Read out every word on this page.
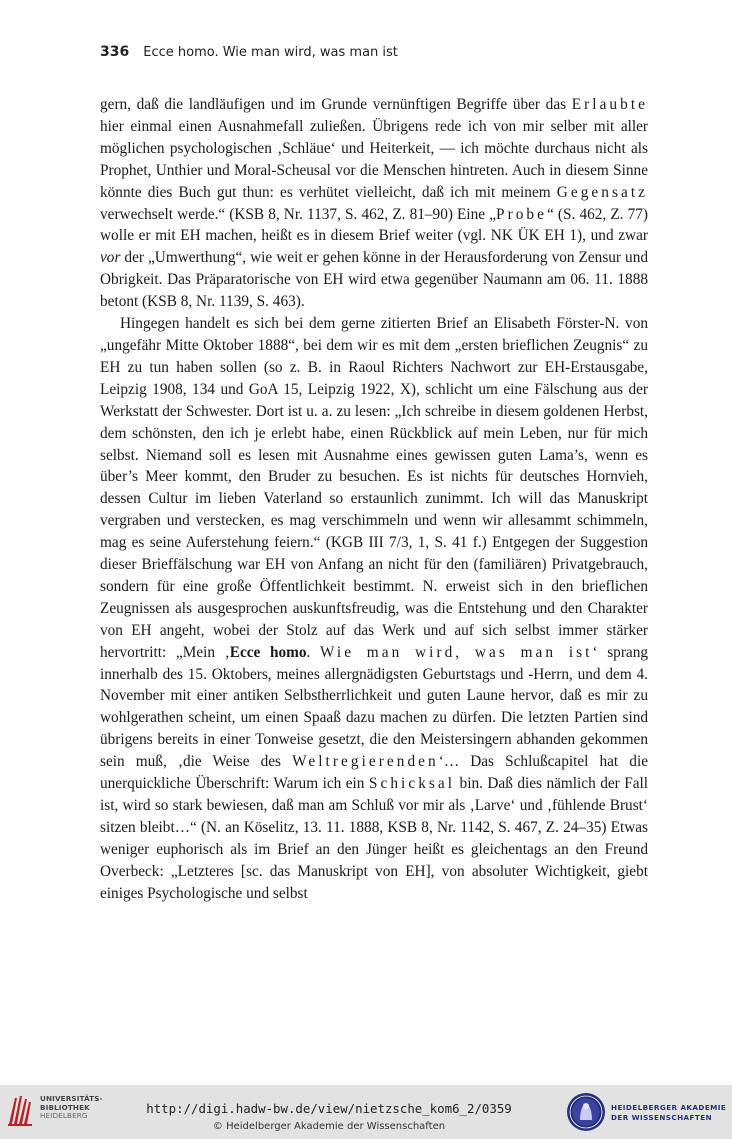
336 Ecce homo. Wie man wird, was man ist

gern, daß die landläufigen und im Grunde vernünftigen Begriffe über das Erlaubte hier einmal einen Ausnahmefall zuließen. Übrigens rede ich von mir selber mit aller möglichen psychologischen ‚Schläue‘ und Heiterkeit, — ich möchte durchaus nicht als Prophet, Unthier und Moral-Scheusal vor die Menschen hintreten. Auch in diesem Sinne könnte dies Buch gut thun: es verhütet vielleicht, daß ich mit meinem Gegensatz verwechselt werde.“ (KSB 8, Nr. 1137, S. 462, Z. 81–90) Eine „Probe“ (S. 462, Z. 77) wolle er mit EH machen, heißt es in diesem Brief weiter (vgl. NK ÜK EH 1), und zwar vor der „Umwerthung“, wie weit er gehen könne in der Herausforderung von Zensur und Obrigkeit. Das Präparatorische von EH wird etwa gegenüber Naumann am 06. 11. 1888 betont (KSB 8, Nr. 1139, S. 463).

Hingegen handelt es sich bei dem gerne zitierten Brief an Elisabeth Förster-N. von „ungefähr Mitte Oktober 1888“, bei dem wir es mit dem „ersten brieflichen Zeugnis“ zu EH zu tun haben sollen (so z. B. in Raoul Richters Nachwort zur EH-Erstausgabe, Leipzig 1908, 134 und GoA 15, Leipzig 1922, X), schlicht um eine Fälschung aus der Werkstatt der Schwester. Dort ist u. a. zu lesen: „Ich schreibe in diesem goldenen Herbst, dem schönsten, den ich je erlebt habe, einen Rückblick auf mein Leben, nur für mich selbst. Niemand soll es lesen mit Ausnahme eines gewissen guten Lama’s, wenn es über’s Meer kommt, den Bruder zu besuchen. Es ist nichts für deutsches Hornvieh, dessen Cultur im lieben Vaterland so erstaunlich zunimmt. Ich will das Manuskript vergraben und verstecken, es mag verschimmeln und wenn wir allesammt schimmeln, mag es seine Auferstehung feiern.“ (KGB III 7/3, 1, S. 41 f.) Entgegen der Suggestion dieser Brieffälschung war EH von Anfang an nicht für den (familiären) Privatgebrauch, sondern für eine große Öffentlichkeit bestimmt. N. erweist sich in den brieflichen Zeugnissen als ausgesprochen auskunftsfreudig, was die Entstehung und den Charakter von EH angeht, wobei der Stolz auf das Werk und auf sich selbst immer stärker hervortritt: „Mein ‚Ecce homo. Wie man wird, was man ist‘ sprang innerhalb des 15. Oktobers, meines allergnädigsten Geburtstags und -Herrn, und dem 4. November mit einer antiken Selbstherrlichkeit und guten Laune hervor, daß es mir zu wohlgerathen scheint, um einen Spaaß dazu machen zu dürfen. Die letzten Partien sind übrigens bereits in einer Tonweise gesetzt, die den Meistersingern abhanden gekommen sein muß, ‚die Weise des Weltregierenden‘… Das Schlußcapitel hat die unerquickliche Überschrift: Warum ich ein Schicksal bin. Daß dies nämlich der Fall ist, wird so stark bewiesen, daß man am Schluß vor mir als ‚Larve‘ und ‚fühlende Brust‘ sitzen bleibt…“ (N. an Köselitz, 13. 11. 1888, KSB 8, Nr. 1142, S. 467, Z. 24–35) Etwas weniger euphorisch als im Brief an den Jünger heißt es gleichentags an den Freund Overbeck: „Letzteres [sc. das Manuskript von EH], von absoluter Wichtigkeit, giebt einiges Psychologische und selbst

UNIVERSITÄTS-
BIBLIOTHEK
HEIDELBERG	http://digi.hadw-bw.de/view/nietzsche_kom6_2/0359
© Heidelberger Akademie der Wissenschaften
HEIDELBERGER AKADEMIE
DER WISSENSCHAFTEN
